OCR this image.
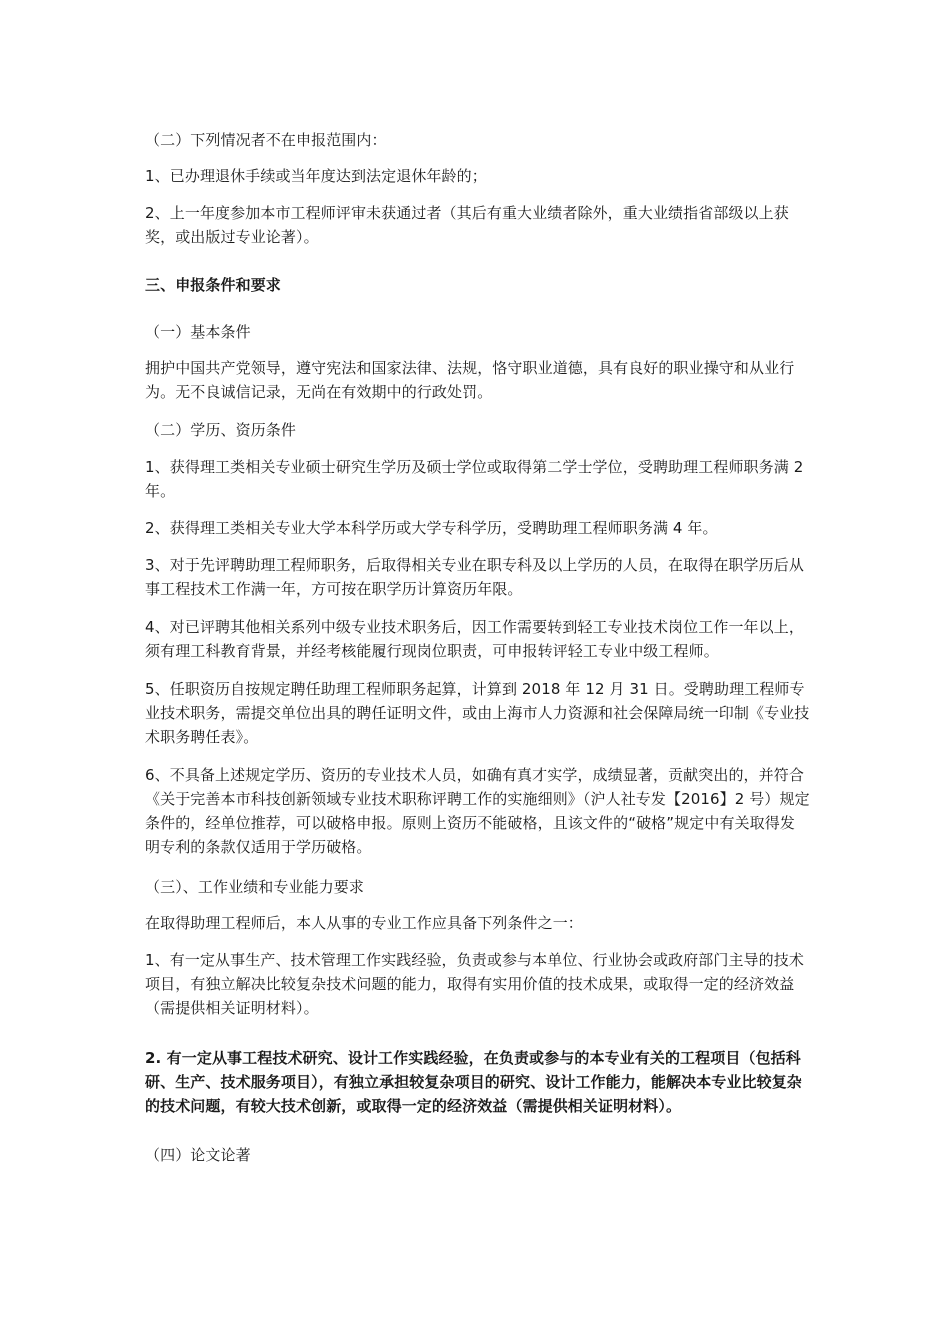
（二）下列情况者不在申报范围内：
1、已办理退休手续或当年度达到法定退休年龄的；
2、上一年度参加本市工程师评审未获通过者（其后有重大业绩者除外，重大业绩指省部级以上获奖，或出版过专业论著）。
三、申报条件和要求
（一）基本条件
拥护中国共产党领导，遵守宪法和国家法律、法规，恪守职业道德，具有良好的职业操守和从业行为。无不良诚信记录，无尚在有效期中的行政处罚。
（二）学历、资历条件
1、获得理工类相关专业硕士研究生学历及硕士学位或取得第二学士学位，受聘助理工程师职务满 2 年。
2、获得理工类相关专业大学本科学历或大学专科学历，受聘助理工程师职务满 4 年。
3、对于先评聘助理工程师职务，后取得相关专业在职专科及以上学历的人员，在取得在职学历后从事工程技术工作满一年，方可按在职学历计算资历年限。
4、对已评聘其他相关系列中级专业技术职务后，因工作需要转到轻工专业技术岗位工作一年以上，须有理工科教育背景，并经考核能履行现岗位职责，可申报转评轻工专业中级工程师。
5、任职资历自按规定聘任助理工程师职务起算，计算到 2018 年 12 月 31 日。受聘助理工程师专业技术职务，需提交单位出具的聘任证明文件，或由上海市人力资源和社会保障局统一印制《专业技术职务聘任表》。
6、不具备上述规定学历、资历的专业技术人员，如确有真才实学，成绩显著，贡献突出的，并符合《关于完善本市科技创新领域专业技术职称评聘工作的实施细则》（沪人社专发【2016】2 号）规定条件的，经单位推荐，可以破格申报。原则上资历不能破格，且该文件的“破格”规定中有关取得发明专利的条款仅适用于学历破格。
（三）、工作业绩和专业能力要求
在取得助理工程师后，本人从事的专业工作应具备下列条件之一：
1、有一定从事生产、技术管理工作实践经验，负责或参与本单位、行业协会或政府部门主导的技术项目，有独立解决比较复杂技术问题的能力，取得有实用价值的技术成果，或取得一定的经济效益（需提供相关证明材料）。
2. 有一定从事工程技术研究、设计工作实践经验，在负责或参与的本专业有关的工程项目（包括科研、生产、技术服务项目），有独立承担较复杂项目的研究、设计工作能力，能解决本专业比较复杂的技术问题，有较大技术创新，或取得一定的经济效益（需提供相关证明材料）。
（四）论文论著
